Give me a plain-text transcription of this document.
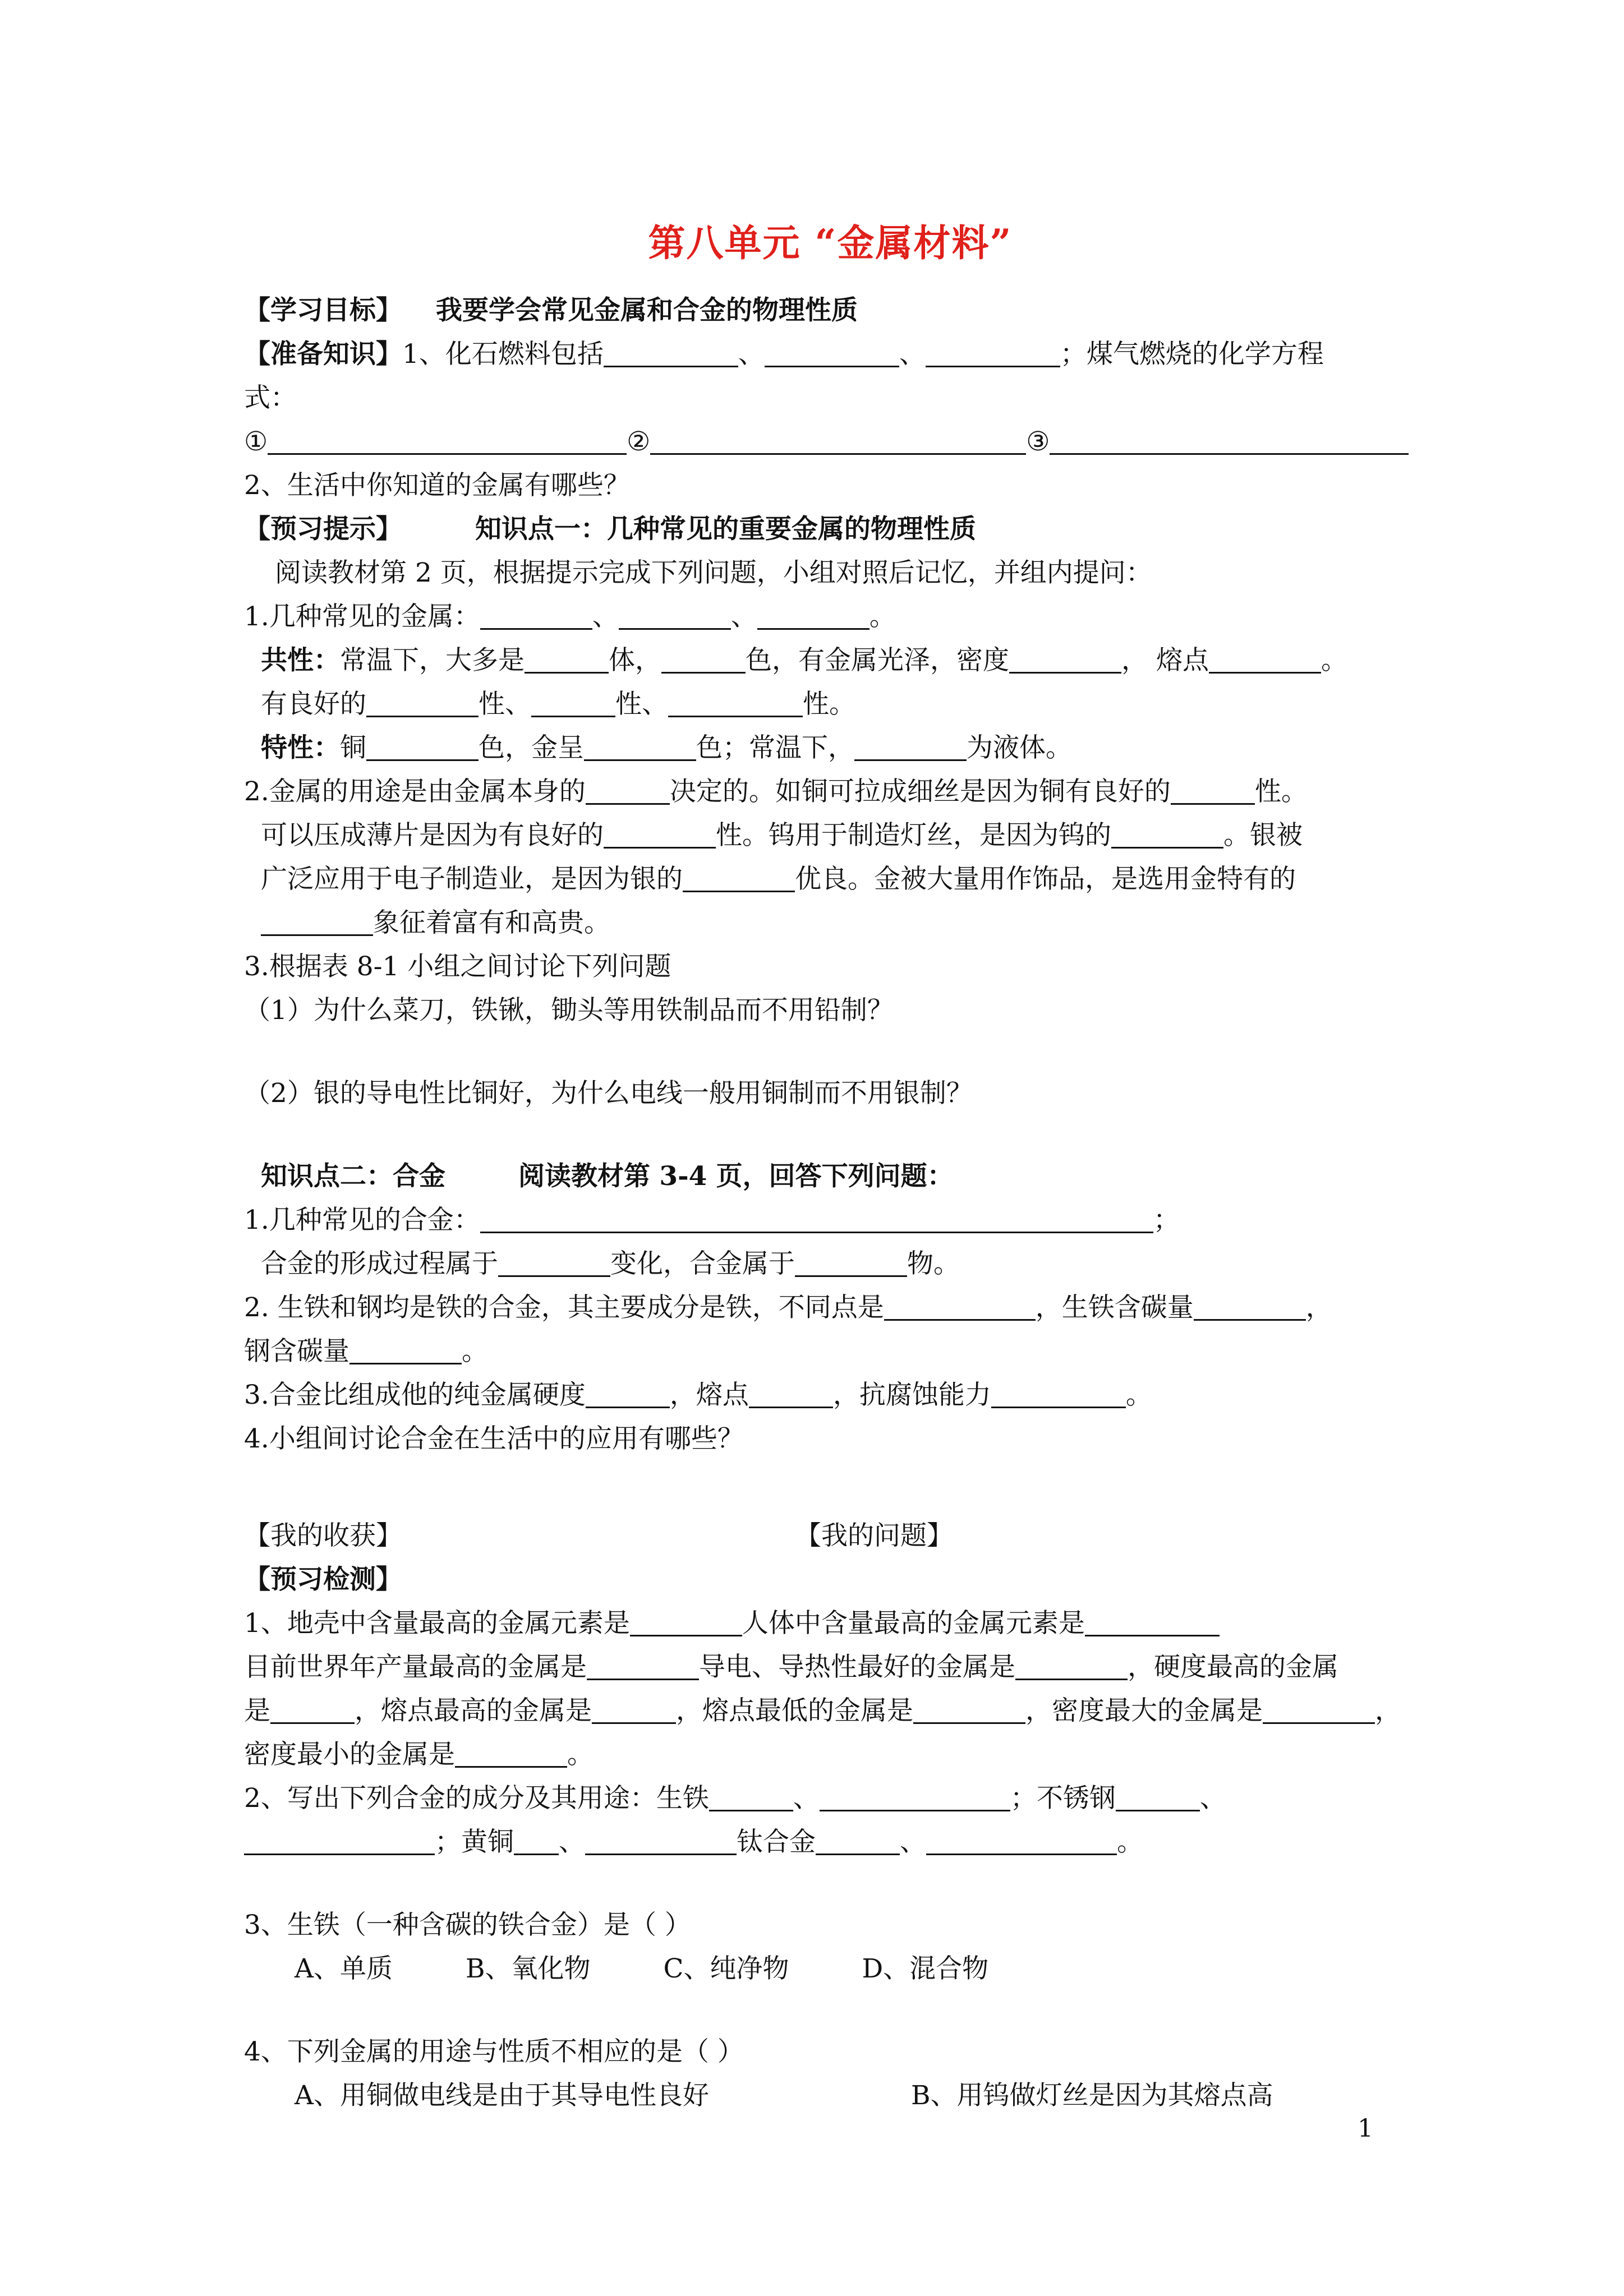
第八单元 “金属材料”
【学习目标】 我要学会常见金属和合金的物理性质
【准备知识】1、化石燃料包括	、	、	；煤气燃烧的化学方程
式：
①	②	③
2、生活中你知道的金属有哪些？
【预习提示】	知识点一：几种常见的重要金属的物理性质
阅读教材第 2 页，根据提示完成下列问题，小组对照后记忆，并组内提问：
1.几种常见的金属：	、	、	。
共性：常温下，大多是	体，	色，有金属光泽，密度	， 熔点	。
有良好的	性、	性、	性。
特性：铜	色，金呈	色；常温下，	为液体。
2.金属的用途是由金属本身的	决定的。如铜可拉成细丝是因为铜有良好的	性。
可以压成薄片是因为有良好的	性。钨用于制造灯丝，是因为钨的	。银被
广泛应用于电子制造业，是因为银的	优良。金被大量用作饰品，是选用金特有的
象征着富有和高贵。
3.根据表 8-1 小组之间讨论下列问题
（1）为什么菜刀，铁锹，锄头等用铁制品而不用铅制？
（2）银的导电性比铜好，为什么电线一般用铜制而不用银制？
知识点二：合金	阅读教材第 3-4 页，回答下列问题：
1.几种常见的合金：	；
合金的形成过程属于	变化，合金属于	物。
2. 生铁和钢均是铁的合金，其主要成分是铁，不同点是	，生铁含碳量	，
钢含碳量	。
3.合金比组成他的纯金属硬度	，熔点	，抗腐蚀能力	。
4.小组间讨论合金在生活中的应用有哪些？
【我的收获】	【我的问题】
【预习检测】
1、地壳中含量最高的金属元素是	人体中含量最高的金属元素是
目前世界年产量最高的金属是	导电、导热性最好的金属是	，硬度最高的金属
是	，熔点最高的金属是	，熔点最低的金属是	，密度最大的金属是	，
密度最小的金属是	。
2、写出下列合金的成分及其用途：生铁	、	；不锈钢	、
；黄铜 、	钛合金	、	。
3、生铁（一种含碳的铁合金）是（ ）
A、单质	B、氧化物	C、纯净物	D、混合物
4、下列金属的用途与性质不相应的是（ ）
A、用铜做电线是由于其导电性良好	B、用钨做灯丝是因为其熔点高
1
